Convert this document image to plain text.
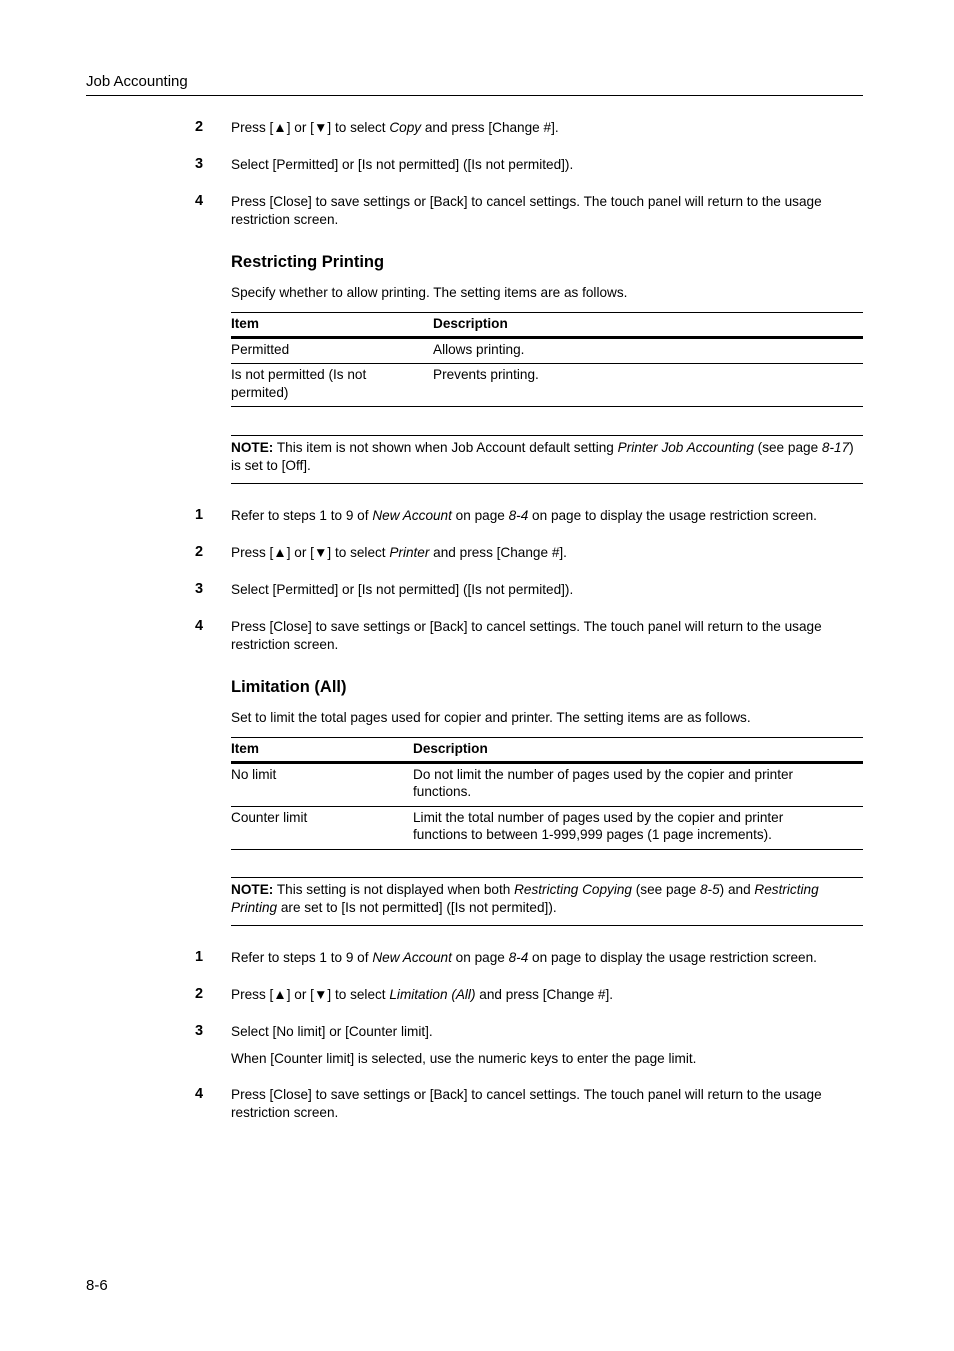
Job Accounting
2 Press [▲] or [▼] to select Copy and press [Change #].
3 Select [Permitted] or [Is not permitted] ([Is not permited]).
4 Press [Close] to save settings or [Back] to cancel settings. The touch panel will return to the usage restriction screen.
Restricting Printing
Specify whether to allow printing. The setting items are as follows.
Item	Description
Permitted	Allows printing.
Is not permitted (Is not permited)	Prevents printing.
NOTE: This item is not shown when Job Account default setting Printer Job Accounting (see page 8-17) is set to [Off].
1 Refer to steps 1 to 9 of New Account on page 8-4 on page to display the usage restriction screen.
2 Press [▲] or [▼] to select Printer and press [Change #].
3 Select [Permitted] or [Is not permitted] ([Is not permited]).
4 Press [Close] to save settings or [Back] to cancel settings. The touch panel will return to the usage restriction screen.
Limitation (All)
Set to limit the total pages used for copier and printer. The setting items are as follows.
Item	Description
No limit	Do not limit the number of pages used by the copier and printer functions.
Counter limit	Limit the total number of pages used by the copier and printer functions to between 1-999,999 pages (1 page increments).
NOTE: This setting is not displayed when both Restricting Copying (see page 8-5) and Restricting Printing are set to [Is not permitted] ([Is not permited]).
1 Refer to steps 1 to 9 of New Account on page 8-4 on page to display the usage restriction screen.
2 Press [▲] or [▼] to select Limitation (All) and press [Change #].
3 Select [No limit] or [Counter limit].
When [Counter limit] is selected, use the numeric keys to enter the page limit.
4 Press [Close] to save settings or [Back] to cancel settings. The touch panel will return to the usage restriction screen.
8-6
